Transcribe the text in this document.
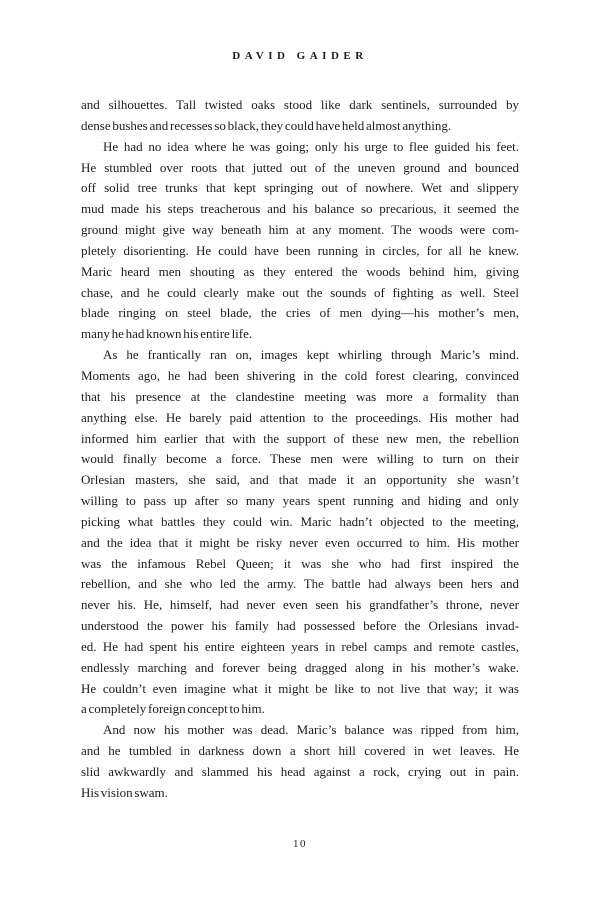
DAVID GAIDER
and silhouettes. Tall twisted oaks stood like dark sentinels, surrounded by
dense bushes and recesses so black, they could have held almost anything.
He had no idea where he was going; only his urge to flee guided his feet.
He stumbled over roots that jutted out of the uneven ground and bounced
off solid tree trunks that kept springing out of nowhere. Wet and slippery
mud made his steps treacherous and his balance so precarious, it seemed the
ground might give way beneath him at any moment. The woods were com-
pletely disorienting. He could have been running in circles, for all he knew.
Maric heard men shouting as they entered the woods behind him, giving
chase, and he could clearly make out the sounds of fighting as well. Steel
blade ringing on steel blade, the cries of men dying—his mother’s men,
many he had known his entire life.
As he frantically ran on, images kept whirling through Maric’s mind.
Moments ago, he had been shivering in the cold forest clearing, convinced
that his presence at the clandestine meeting was more a formality than
anything else. He barely paid attention to the proceedings. His mother had
informed him earlier that with the support of these new men, the rebellion
would finally become a force. These men were willing to turn on their
Orlesian masters, she said, and that made it an opportunity she wasn’t
willing to pass up after so many years spent running and hiding and only
picking what battles they could win. Maric hadn’t objected to the meeting,
and the idea that it might be risky never even occurred to him. His mother
was the infamous Rebel Queen; it was she who had first inspired the
rebellion, and she who led the army. The battle had always been hers and
never his. He, himself, had never even seen his grandfather’s throne, never
understood the power his family had possessed before the Orlesians invad-
ed. He had spent his entire eighteen years in rebel camps and remote castles,
endlessly marching and forever being dragged along in his mother’s wake.
He couldn’t even imagine what it might be like to not live that way; it was
a completely foreign concept to him.
And now his mother was dead. Maric’s balance was ripped from him,
and he tumbled in darkness down a short hill covered in wet leaves. He
slid awkwardly and slammed his head against a rock, crying out in pain.
His vision swam.
10
